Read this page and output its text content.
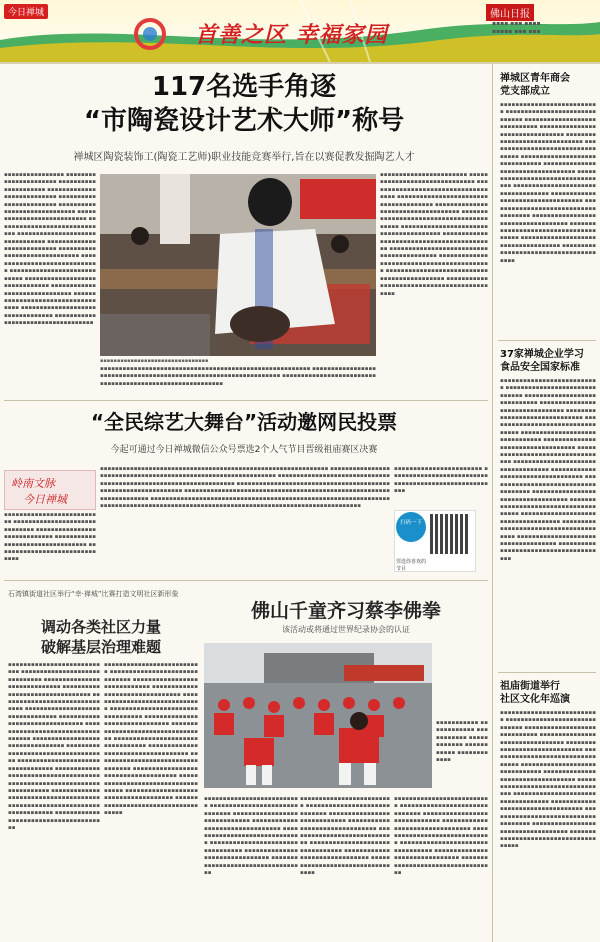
今日禅城
首善之区 幸福家园
佛山日报
▪▪▪▪ ▪▪▪ ▪▪▪▪
▪▪▪▪▪ ▪▪▪ ▪▪▪
117名选手角逐
“市陶瓷设计艺术大师”称号
禅城区陶瓷装饰工(陶瓷工艺师)职业技能竞赛举行,旨在以赛促教发掘陶艺人才
▪▪▪▪▪▪▪▪▪▪▪▪▪▪▪▪ ▪▪▪▪▪▪▪▪▪▪▪▪▪▪▪▪▪▪▪▪▪▪ ▪▪▪▪▪▪▪▪▪▪▪▪▪▪▪▪▪▪▪▪▪ ▪▪▪▪▪▪▪▪▪▪▪▪▪▪▪▪▪▪▪▪▪▪▪▪▪▪▪ ▪▪▪▪▪▪▪▪▪▪▪▪▪▪▪▪▪▪▪▪▪▪▪▪ ▪▪▪▪▪▪▪▪▪▪▪▪▪▪▪▪▪▪▪▪▪▪▪▪▪▪▪▪▪ ▪▪▪▪▪▪▪▪▪▪▪▪▪▪▪▪▪▪▪▪▪▪▪▪▪▪▪ ▪▪▪▪▪▪▪▪▪▪▪▪▪▪▪▪▪▪▪▪▪▪▪▪▪▪▪▪▪ ▪▪▪▪▪▪▪▪▪▪▪▪▪▪▪▪▪▪▪▪▪▪▪▪▪▪▪▪▪▪▪▪ ▪▪▪▪▪▪▪▪▪▪▪▪▪▪▪▪▪▪▪▪▪▪▪▪▪▪▪ ▪▪▪▪▪▪▪▪▪▪▪▪▪▪▪▪▪▪▪▪▪▪▪▪▪▪▪▪▪▪ ▪▪▪▪▪▪▪▪▪▪▪▪▪▪▪▪▪▪▪▪▪▪▪▪▪▪▪▪▪ ▪▪▪▪▪▪▪▪▪▪▪▪▪▪▪▪▪▪▪▪▪▪▪▪▪▪▪▪ ▪▪▪▪▪▪▪▪▪▪▪▪▪▪▪▪▪▪▪▪▪▪▪▪▪▪▪▪▪▪▪ ▪▪▪▪▪▪▪▪▪▪▪▪▪▪▪▪▪▪▪▪▪▪▪▪▪▪▪▪▪▪ ▪▪▪▪▪▪▪▪▪▪▪▪▪▪▪▪▪▪▪▪▪▪▪▪▪▪▪▪▪▪▪▪▪▪ ▪▪▪▪▪▪▪▪▪▪▪▪▪▪▪▪▪▪▪▪▪▪▪▪▪▪▪▪▪▪▪▪▪ ▪▪▪▪▪▪▪▪▪▪▪▪▪▪▪▪▪▪▪▪▪▪▪▪▪▪▪▪▪▪▪▪▪▪▪
▪▪▪▪▪▪▪▪▪▪▪▪▪▪▪▪▪▪▪▪▪▪▪▪▪▪▪▪▪▪▪▪
▪▪▪▪▪▪▪▪▪▪▪▪▪▪▪▪▪▪▪▪▪▪▪ ▪▪▪▪▪▪▪▪▪▪▪▪▪▪▪▪▪▪▪▪▪▪▪▪▪▪▪▪▪▪ ▪▪▪▪▪▪▪▪▪▪▪▪▪▪▪▪▪▪▪▪▪▪▪▪▪▪▪▪▪▪▪▪▪▪▪ ▪▪▪▪▪▪▪▪▪▪▪▪▪▪▪▪▪▪▪▪▪▪▪▪▪▪▪▪▪▪▪▪▪▪▪▪▪▪ ▪▪▪▪▪▪▪▪▪▪▪▪▪▪▪▪▪▪▪▪▪▪▪▪▪▪▪▪▪▪▪▪▪▪▪ ▪▪▪▪▪▪▪▪▪▪▪▪▪▪▪▪▪▪▪▪▪▪▪▪▪▪▪▪▪▪▪▪▪▪▪▪▪▪▪▪ ▪▪▪▪▪▪▪▪▪▪▪▪▪▪▪▪▪▪▪▪▪▪▪▪▪▪▪▪▪▪▪▪▪▪▪▪▪▪▪ ▪▪▪▪▪▪▪▪▪▪▪▪▪▪▪▪▪▪▪▪▪▪▪▪▪▪▪▪▪▪▪▪▪▪▪▪▪▪▪▪▪▪ ▪▪▪▪▪▪▪▪▪▪▪▪▪▪▪▪▪▪▪▪▪▪▪▪▪▪▪▪▪▪▪▪▪▪▪▪▪▪▪▪▪ ▪▪▪▪▪▪▪▪▪▪▪▪▪▪▪▪▪▪▪▪▪▪▪▪▪▪▪▪▪▪▪▪▪▪▪▪▪▪▪▪▪▪ ▪▪▪▪▪▪▪▪▪▪▪▪▪▪▪▪▪▪▪▪▪▪▪▪▪▪▪▪▪▪▪▪▪▪▪▪▪▪▪▪▪▪▪▪ ▪▪▪▪▪▪▪▪▪▪▪▪▪▪▪▪▪▪▪▪▪▪▪▪▪▪▪▪▪▪▪▪▪▪▪▪▪▪▪▪▪▪▪
▪▪▪▪▪▪▪▪▪▪▪▪▪▪▪▪▪▪▪▪▪▪▪▪▪▪▪▪▪▪▪▪▪▪▪▪▪▪▪▪▪▪▪▪▪▪▪▪▪▪▪▪▪▪▪▪ ▪▪▪▪▪▪▪▪▪▪▪▪▪▪▪▪▪▪▪▪▪▪▪▪▪▪▪▪▪▪▪▪▪▪▪▪▪▪▪▪▪▪▪▪▪▪▪▪▪▪▪▪▪▪▪▪▪▪▪▪▪▪▪▪▪ ▪▪▪▪▪▪▪▪▪▪▪▪▪▪▪▪▪▪▪▪▪▪▪▪▪▪▪▪▪▪▪▪▪▪▪▪▪▪▪▪▪▪▪▪▪▪▪▪▪▪▪▪▪▪▪▪▪▪
“全民综艺大舞台”活动邀网民投票
今起可通过今日禅城微信公众号票选2个人气节目晋级祖庙赛区决赛
岭南文脉
今日禅城
▪▪▪▪▪▪▪▪▪▪▪▪▪▪▪▪▪▪▪▪▪▪▪▪▪▪ ▪▪▪▪▪▪▪▪▪▪▪▪▪▪▪▪▪▪▪▪▪▪▪▪▪▪▪▪▪▪ ▪▪▪▪▪▪▪▪▪▪▪▪▪▪▪▪▪▪▪▪▪▪▪▪▪▪▪▪▪ ▪▪▪▪▪▪▪▪▪▪▪▪▪▪▪▪▪▪▪▪▪▪▪▪▪▪▪▪▪▪▪▪▪ ▪▪▪▪▪▪▪▪▪▪▪▪▪▪▪▪▪▪▪▪▪▪▪▪▪▪▪▪▪▪
▪▪▪▪▪▪▪▪▪▪▪▪▪▪▪▪▪▪▪▪▪▪▪▪▪▪▪▪▪▪▪▪▪▪▪▪▪▪▪▪▪▪▪▪▪▪▪▪▪▪▪▪▪▪▪▪▪▪▪▪▪ ▪▪▪▪▪▪▪▪▪▪▪▪▪▪▪▪▪▪▪▪▪▪▪▪▪▪▪▪▪▪▪▪▪▪▪▪▪▪▪▪▪▪▪▪▪▪▪▪▪▪▪▪▪▪▪▪▪▪▪▪▪▪▪ ▪▪▪▪▪▪▪▪▪▪▪▪▪▪▪▪▪▪▪▪▪▪▪▪▪▪▪▪▪▪▪▪▪▪▪▪▪▪▪▪▪▪▪▪▪▪▪▪▪▪▪▪▪▪▪▪▪▪▪▪▪▪▪▪▪▪ ▪▪▪▪▪▪▪▪▪▪▪▪▪▪▪▪▪▪▪▪▪▪▪▪▪▪▪▪▪▪▪▪▪▪▪▪▪▪▪▪▪▪▪▪▪▪▪▪▪▪▪▪▪▪▪▪▪▪▪▪▪▪▪ ▪▪▪▪▪▪▪▪▪▪▪▪▪▪▪▪▪▪▪▪▪▪▪▪▪▪▪▪▪▪▪▪▪▪▪▪▪▪▪▪▪▪▪▪▪▪▪▪▪▪▪▪▪▪▪▪▪▪▪▪▪▪▪▪▪▪▪▪ ▪▪▪▪▪▪▪▪▪▪▪▪▪▪▪▪▪▪▪▪▪▪▪▪▪▪▪▪▪▪▪▪▪▪▪▪▪▪▪▪▪▪▪▪▪▪▪▪▪▪▪▪▪▪▪▪▪▪▪▪▪▪▪▪ ▪▪▪▪▪▪▪▪▪▪▪▪▪▪▪▪▪▪▪▪▪▪▪▪▪▪▪▪▪▪▪▪▪▪▪▪▪▪▪▪▪▪▪▪▪▪▪▪▪▪▪▪▪▪▪▪▪▪▪▪▪▪▪▪▪▪▪▪▪▪
▪▪▪▪▪▪▪▪▪▪▪▪▪▪▪▪▪▪▪▪▪▪▪ ▪▪▪▪▪▪▪▪▪▪▪▪▪▪▪▪▪▪▪▪▪▪▪▪▪▪ ▪▪▪▪▪▪▪▪▪▪▪▪▪▪▪▪▪▪▪▪▪▪▪▪▪▪▪▪
扫码一下
票选你喜欢的节目
石湾镇街道社区举行“幸·禅城”比赛打造文明社区新形象
调动各类社区力量
破解基层治理难题
▪▪▪▪▪▪▪▪▪▪▪▪▪▪▪▪▪▪▪▪▪▪▪▪▪▪▪ ▪▪▪▪▪▪▪▪▪▪▪▪▪▪▪▪▪▪▪▪▪▪▪▪▪▪▪▪▪▪ ▪▪▪▪▪▪▪▪▪▪▪▪▪▪▪▪▪▪▪▪▪▪▪▪▪▪▪▪▪ ▪▪▪▪▪▪▪▪▪▪▪▪▪▪▪▪▪▪▪▪▪▪▪▪▪▪▪▪▪▪▪▪ ▪▪▪▪▪▪▪▪▪▪▪▪▪▪▪▪▪▪▪▪▪▪▪▪▪▪▪▪▪▪ ▪▪▪▪▪▪▪▪▪▪▪▪▪▪▪▪▪▪▪▪▪▪▪▪▪▪▪▪▪▪▪▪▪ ▪▪▪▪▪▪▪▪▪▪▪▪▪▪▪▪▪▪▪▪▪▪▪▪▪▪▪▪▪▪▪ ▪▪▪▪▪▪▪▪▪▪▪▪▪▪▪▪▪▪▪▪▪▪▪▪▪▪▪▪▪▪▪▪▪▪ ▪▪▪▪▪▪▪▪▪▪▪▪▪▪▪▪▪▪▪▪▪▪▪▪▪▪▪▪▪▪▪▪▪ ▪▪▪▪▪▪▪▪▪▪▪▪▪▪▪▪▪▪▪▪▪▪▪▪▪▪▪▪▪▪▪▪▪▪▪ ▪▪▪▪▪▪▪▪▪▪▪▪▪▪▪▪▪▪▪▪▪▪▪▪▪▪▪▪▪▪▪▪▪▪ ▪▪▪▪▪▪▪▪▪▪▪▪▪▪▪▪▪▪▪▪▪▪▪▪▪▪▪▪▪▪▪▪▪▪▪▪ ▪▪▪▪▪▪▪▪▪▪▪▪▪▪▪▪▪▪▪▪▪▪▪▪▪▪▪▪▪▪▪▪▪▪▪ ▪▪▪▪▪▪▪▪▪▪▪▪▪▪▪▪▪▪▪▪▪▪▪▪▪▪▪▪▪▪▪▪▪▪▪▪▪ ▪▪▪▪▪▪▪▪▪▪▪▪▪▪▪▪▪▪▪▪▪▪▪▪▪▪▪▪▪▪▪▪▪▪▪▪ ▪▪▪▪▪▪▪▪▪▪▪▪▪▪▪▪▪▪▪▪▪▪▪▪▪▪▪▪▪▪▪▪▪▪▪▪▪▪
▪▪▪▪▪▪▪▪▪▪▪▪▪▪▪▪▪▪▪▪▪▪▪▪▪▪ ▪▪▪▪▪▪▪▪▪▪▪▪▪▪▪▪▪▪▪▪▪▪▪▪▪▪▪▪▪▪ ▪▪▪▪▪▪▪▪▪▪▪▪▪▪▪▪▪▪▪▪▪▪▪▪▪▪▪▪▪ ▪▪▪▪▪▪▪▪▪▪▪▪▪▪▪▪▪▪▪▪▪▪▪▪▪▪▪▪▪▪▪▪ ▪▪▪▪▪▪▪▪▪▪▪▪▪▪▪▪▪▪▪▪▪▪▪▪▪▪▪▪▪▪ ▪▪▪▪▪▪▪▪▪▪▪▪▪▪▪▪▪▪▪▪▪▪▪▪▪▪▪▪▪▪▪▪▪ ▪▪▪▪▪▪▪▪▪▪▪▪▪▪▪▪▪▪▪▪▪▪▪▪▪▪▪▪▪▪▪ ▪▪▪▪▪▪▪▪▪▪▪▪▪▪▪▪▪▪▪▪▪▪▪▪▪▪▪▪▪▪▪▪▪▪ ▪▪▪▪▪▪▪▪▪▪▪▪▪▪▪▪▪▪▪▪▪▪▪▪▪▪▪▪▪▪▪▪▪ ▪▪▪▪▪▪▪▪▪▪▪▪▪▪▪▪▪▪▪▪▪▪▪▪▪▪▪▪▪▪▪▪▪▪▪ ▪▪▪▪▪▪▪▪▪▪▪▪▪▪▪▪▪▪▪▪▪▪▪▪▪▪▪▪▪▪▪▪▪▪ ▪▪▪▪▪▪▪▪▪▪▪▪▪▪▪▪▪▪▪▪▪▪▪▪▪▪▪▪▪▪▪▪▪▪▪▪ ▪▪▪▪▪▪▪▪▪▪▪▪▪▪▪▪▪▪▪▪▪▪▪▪▪▪▪▪▪▪▪▪▪▪▪ ▪▪▪▪▪▪▪▪▪▪▪▪▪▪▪▪▪▪▪▪▪▪▪▪▪▪▪▪▪▪▪▪▪▪▪▪▪ ▪▪▪▪▪▪▪▪▪▪▪▪▪▪▪▪▪▪▪▪▪▪▪▪▪▪▪▪▪▪▪▪▪▪▪▪
佛山千童齐习蔡李佛拳
该活动或将通过世界纪录协会的认证
▪▪▪▪▪▪▪▪▪▪▪ ▪▪▪▪▪▪▪▪▪▪▪▪ ▪▪▪▪▪▪▪▪▪▪▪ ▪▪▪▪▪▪▪▪▪▪▪▪ ▪▪▪▪▪▪▪▪▪▪▪ ▪▪▪▪▪▪▪▪▪▪▪▪
▪▪▪▪▪▪▪▪▪▪▪▪▪▪▪▪▪▪▪▪▪▪▪▪▪▪ ▪▪▪▪▪▪▪▪▪▪▪▪▪▪▪▪▪▪▪▪▪▪▪▪▪▪▪▪▪▪ ▪▪▪▪▪▪▪▪▪▪▪▪▪▪▪▪▪▪▪▪▪▪▪▪▪▪▪▪▪ ▪▪▪▪▪▪▪▪▪▪▪▪▪▪▪▪▪▪▪▪▪▪▪▪▪▪▪▪▪▪▪▪ ▪▪▪▪▪▪▪▪▪▪▪▪▪▪▪▪▪▪▪▪▪▪▪▪▪▪▪▪▪▪ ▪▪▪▪▪▪▪▪▪▪▪▪▪▪▪▪▪▪▪▪▪▪▪▪▪▪▪▪▪▪▪▪▪ ▪▪▪▪▪▪▪▪▪▪▪▪▪▪▪▪▪▪▪▪▪▪▪▪▪▪▪▪▪▪▪ ▪▪▪▪▪▪▪▪▪▪▪▪▪▪▪▪▪▪▪▪▪▪▪▪▪▪▪▪▪▪▪▪▪▪
▪▪▪▪▪▪▪▪▪▪▪▪▪▪▪▪▪▪▪▪▪▪▪▪▪ ▪▪▪▪▪▪▪▪▪▪▪▪▪▪▪▪▪▪▪▪▪▪▪▪▪▪▪▪▪ ▪▪▪▪▪▪▪▪▪▪▪▪▪▪▪▪▪▪▪▪▪▪▪▪▪▪▪▪ ▪▪▪▪▪▪▪▪▪▪▪▪▪▪▪▪▪▪▪▪▪▪▪▪▪▪▪▪▪▪▪ ▪▪▪▪▪▪▪▪▪▪▪▪▪▪▪▪▪▪▪▪▪▪▪▪▪▪▪▪▪ ▪▪▪▪▪▪▪▪▪▪▪▪▪▪▪▪▪▪▪▪▪▪▪▪▪▪▪▪▪▪▪▪ ▪▪▪▪▪▪▪▪▪▪▪▪▪▪▪▪▪▪▪▪▪▪▪▪▪▪▪▪▪▪ ▪▪▪▪▪▪▪▪▪▪▪▪▪▪▪▪▪▪▪▪▪▪▪▪▪▪▪▪▪▪▪▪▪
▪▪▪▪▪▪▪▪▪▪▪▪▪▪▪▪▪▪▪▪▪▪▪▪▪▪ ▪▪▪▪▪▪▪▪▪▪▪▪▪▪▪▪▪▪▪▪▪▪▪▪▪▪▪▪▪▪ ▪▪▪▪▪▪▪▪▪▪▪▪▪▪▪▪▪▪▪▪▪▪▪▪▪▪▪▪▪ ▪▪▪▪▪▪▪▪▪▪▪▪▪▪▪▪▪▪▪▪▪▪▪▪▪▪▪▪▪▪▪▪ ▪▪▪▪▪▪▪▪▪▪▪▪▪▪▪▪▪▪▪▪▪▪▪▪▪▪▪▪▪▪ ▪▪▪▪▪▪▪▪▪▪▪▪▪▪▪▪▪▪▪▪▪▪▪▪▪▪▪▪▪▪▪▪▪ ▪▪▪▪▪▪▪▪▪▪▪▪▪▪▪▪▪▪▪▪▪▪▪▪▪▪▪▪▪▪▪ ▪▪▪▪▪▪▪▪▪▪▪▪▪▪▪▪▪▪▪▪▪▪▪▪▪▪▪▪▪▪▪▪▪▪
禅城区青年商会
党支部成立
▪▪▪▪▪▪▪▪▪▪▪▪▪▪▪▪▪▪▪▪▪▪▪▪▪▪ ▪▪▪▪▪▪▪▪▪▪▪▪▪▪▪▪▪▪▪▪▪▪▪▪▪▪▪▪▪▪ ▪▪▪▪▪▪▪▪▪▪▪▪▪▪▪▪▪▪▪▪▪▪▪▪▪▪▪▪▪ ▪▪▪▪▪▪▪▪▪▪▪▪▪▪▪▪▪▪▪▪▪▪▪▪▪▪▪▪▪▪▪▪ ▪▪▪▪▪▪▪▪▪▪▪▪▪▪▪▪▪▪▪▪▪▪▪▪▪▪▪▪▪▪ ▪▪▪▪▪▪▪▪▪▪▪▪▪▪▪▪▪▪▪▪▪▪▪▪▪▪▪▪▪▪▪▪▪ ▪▪▪▪▪▪▪▪▪▪▪▪▪▪▪▪▪▪▪▪▪▪▪▪▪▪▪▪▪▪▪ ▪▪▪▪▪▪▪▪▪▪▪▪▪▪▪▪▪▪▪▪▪▪▪▪▪▪▪▪▪▪▪▪▪▪ ▪▪▪▪▪▪▪▪▪▪▪▪▪▪▪▪▪▪▪▪▪▪▪▪▪▪▪▪▪▪▪▪▪ ▪▪▪▪▪▪▪▪▪▪▪▪▪▪▪▪▪▪▪▪▪▪▪▪▪▪▪▪▪▪▪▪▪▪▪ ▪▪▪▪▪▪▪▪▪▪▪▪▪▪▪▪▪▪▪▪▪▪▪▪▪▪▪▪▪▪▪▪▪▪ ▪▪▪▪▪▪▪▪▪▪▪▪▪▪▪▪▪▪▪▪▪▪▪▪▪▪▪▪▪▪▪▪▪▪▪▪ ▪▪▪▪▪▪▪▪▪▪▪▪▪▪▪▪▪▪▪▪▪▪▪▪▪▪▪▪▪▪▪▪▪▪▪ ▪▪▪▪▪▪▪▪▪▪▪▪▪▪▪▪▪▪▪▪▪▪▪▪▪▪▪▪▪▪▪▪▪▪▪▪▪ ▪▪▪▪▪▪▪▪▪▪▪▪▪▪▪▪▪▪▪▪▪▪▪▪▪▪▪▪▪▪▪▪▪▪▪▪ ▪▪▪▪▪▪▪▪▪▪▪▪▪▪▪▪▪▪▪▪▪▪▪▪▪▪▪▪▪▪▪▪▪▪▪▪▪▪
37家禅城企业学习
食品安全国家标准
▪▪▪▪▪▪▪▪▪▪▪▪▪▪▪▪▪▪▪▪▪▪▪▪▪▪ ▪▪▪▪▪▪▪▪▪▪▪▪▪▪▪▪▪▪▪▪▪▪▪▪▪▪▪▪▪▪ ▪▪▪▪▪▪▪▪▪▪▪▪▪▪▪▪▪▪▪▪▪▪▪▪▪▪▪▪▪ ▪▪▪▪▪▪▪▪▪▪▪▪▪▪▪▪▪▪▪▪▪▪▪▪▪▪▪▪▪▪▪▪ ▪▪▪▪▪▪▪▪▪▪▪▪▪▪▪▪▪▪▪▪▪▪▪▪▪▪▪▪▪▪ ▪▪▪▪▪▪▪▪▪▪▪▪▪▪▪▪▪▪▪▪▪▪▪▪▪▪▪▪▪▪▪▪▪ ▪▪▪▪▪▪▪▪▪▪▪▪▪▪▪▪▪▪▪▪▪▪▪▪▪▪▪▪▪▪▪ ▪▪▪▪▪▪▪▪▪▪▪▪▪▪▪▪▪▪▪▪▪▪▪▪▪▪▪▪▪▪▪▪▪▪ ▪▪▪▪▪▪▪▪▪▪▪▪▪▪▪▪▪▪▪▪▪▪▪▪▪▪▪▪▪▪▪▪▪ ▪▪▪▪▪▪▪▪▪▪▪▪▪▪▪▪▪▪▪▪▪▪▪▪▪▪▪▪▪▪▪▪▪▪▪ ▪▪▪▪▪▪▪▪▪▪▪▪▪▪▪▪▪▪▪▪▪▪▪▪▪▪▪▪▪▪▪▪▪▪ ▪▪▪▪▪▪▪▪▪▪▪▪▪▪▪▪▪▪▪▪▪▪▪▪▪▪▪▪▪▪▪▪▪▪▪▪ ▪▪▪▪▪▪▪▪▪▪▪▪▪▪▪▪▪▪▪▪▪▪▪▪▪▪▪▪▪▪▪▪▪▪▪ ▪▪▪▪▪▪▪▪▪▪▪▪▪▪▪▪▪▪▪▪▪▪▪▪▪▪▪▪▪▪▪▪▪▪▪▪▪ ▪▪▪▪▪▪▪▪▪▪▪▪▪▪▪▪▪▪▪▪▪▪▪▪▪▪▪▪▪▪▪▪▪▪▪▪ ▪▪▪▪▪▪▪▪▪▪▪▪▪▪▪▪▪▪▪▪▪▪▪▪▪▪▪▪▪▪▪▪▪▪▪▪▪▪ ▪▪▪▪▪▪▪▪▪▪▪▪▪▪▪▪▪▪▪▪▪▪▪▪▪▪▪▪▪▪▪▪▪▪▪▪ ▪▪▪▪▪▪▪▪▪▪▪▪▪▪▪▪▪▪▪▪▪▪▪▪▪▪▪▪▪▪▪▪▪▪▪▪▪▪
祖庙街道举行
社区文化年巡演
▪▪▪▪▪▪▪▪▪▪▪▪▪▪▪▪▪▪▪▪▪▪▪▪▪▪ ▪▪▪▪▪▪▪▪▪▪▪▪▪▪▪▪▪▪▪▪▪▪▪▪▪▪▪▪▪▪ ▪▪▪▪▪▪▪▪▪▪▪▪▪▪▪▪▪▪▪▪▪▪▪▪▪▪▪▪▪ ▪▪▪▪▪▪▪▪▪▪▪▪▪▪▪▪▪▪▪▪▪▪▪▪▪▪▪▪▪▪▪▪ ▪▪▪▪▪▪▪▪▪▪▪▪▪▪▪▪▪▪▪▪▪▪▪▪▪▪▪▪▪▪ ▪▪▪▪▪▪▪▪▪▪▪▪▪▪▪▪▪▪▪▪▪▪▪▪▪▪▪▪▪▪▪▪▪ ▪▪▪▪▪▪▪▪▪▪▪▪▪▪▪▪▪▪▪▪▪▪▪▪▪▪▪▪▪▪▪ ▪▪▪▪▪▪▪▪▪▪▪▪▪▪▪▪▪▪▪▪▪▪▪▪▪▪▪▪▪▪▪▪▪▪ ▪▪▪▪▪▪▪▪▪▪▪▪▪▪▪▪▪▪▪▪▪▪▪▪▪▪▪▪▪▪▪▪▪ ▪▪▪▪▪▪▪▪▪▪▪▪▪▪▪▪▪▪▪▪▪▪▪▪▪▪▪▪▪▪▪▪▪▪▪ ▪▪▪▪▪▪▪▪▪▪▪▪▪▪▪▪▪▪▪▪▪▪▪▪▪▪▪▪▪▪▪▪▪▪ ▪▪▪▪▪▪▪▪▪▪▪▪▪▪▪▪▪▪▪▪▪▪▪▪▪▪▪▪▪▪▪▪▪▪▪▪ ▪▪▪▪▪▪▪▪▪▪▪▪▪▪▪▪▪▪▪▪▪▪▪▪▪▪▪▪▪▪▪▪▪▪▪ ▪▪▪▪▪▪▪▪▪▪▪▪▪▪▪▪▪▪▪▪▪▪▪▪▪▪▪▪▪▪▪▪▪▪▪▪▪
